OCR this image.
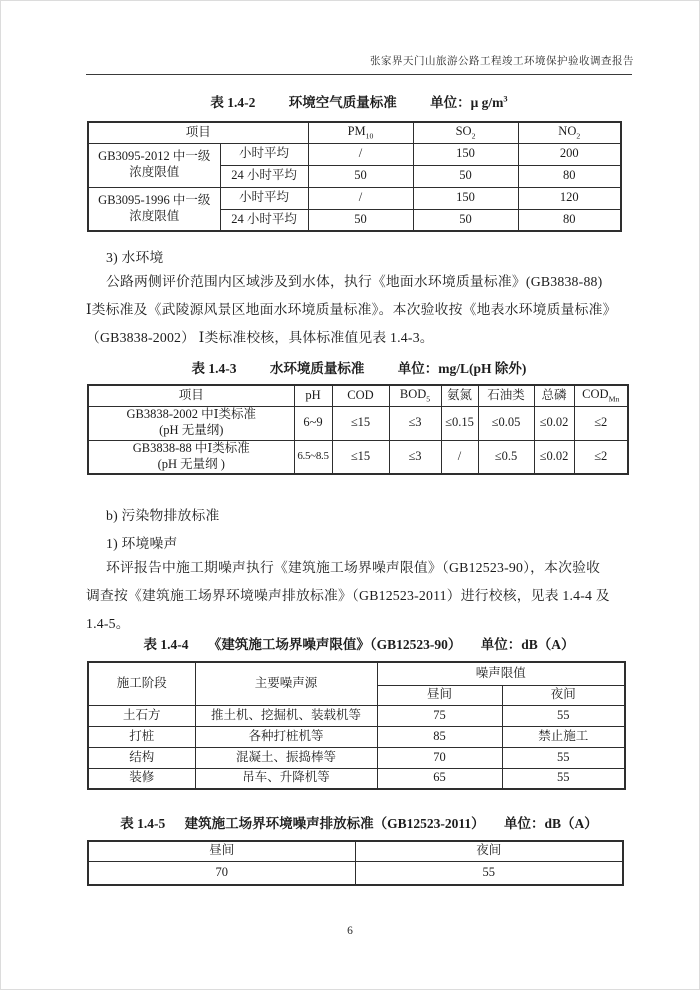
张家界天门山旅游公路工程竣工环境保护验收调查报告
表 1.4-2 环境空气质量标准 单位：μ $g/m^3$
项目		$PM_{10}$	$SO_2$	$NO_2$

GB3095-2012 中一级
浓度限值	小时平均	/	150	200
	24 小时平均	50	50	80

GB3095-1996 中一级
浓度限值	小时平均	/	150	120
	24 小时平均	50	50	80
3) 水环境

公路两侧评价范围内区域涉及到水体，执行《地面水环境质量标准》(GB3838-88)

Ⅰ类标准及《武陵源风景区地面水环境质量标准》。本次验收按《地表水环境质量标准》

（GB3838-2002） Ⅰ类标准校核，具体标准值见表 1.4-3。

表 1.4-3 水环境质量标准 单位：mg/L(pH 除外)
项目	pH	COD	$BOD_5$	氨氮	石油类	总磷	$COD_{Mn}$

GB3838-2002 中Ⅰ类标准
(pH 无量纲)	6~9	≤15	≤3	≤0.15	≤0.05	≤0.02	≤2

GB3838-88 中Ⅰ类标准
(pH 无量纲 )	6.5~8.5	≤15	≤3	/	≤0.5	≤0.02	≤2
b) 污染物排放标准
1) 环境噪声

环评报告中施工期噪声执行《建筑施工场界噪声限值》（GB12523-90），本次验收

调查按《建筑施工场界环境噪声排放标准》（GB12523-2011）进行校核，见表 1.4-4 及

1.4-5。

表 1.4-4 《建筑施工场界噪声限值》（GB12523-90） 单位：dB（A）
施工阶段	主要噪声源	噪声限值	
		昼间	夜间
土石方	推土机、挖掘机、装载机等	75	55
打桩	各种打桩机等	85	禁止施工
结构	混凝土、振捣棒等	70	55
装修	吊车、升降机等	65	55
表 1.4-5 建筑施工场界环境噪声排放标准（GB12523-2011） 单位：dB（A）
昼间	夜间
70	55
6
